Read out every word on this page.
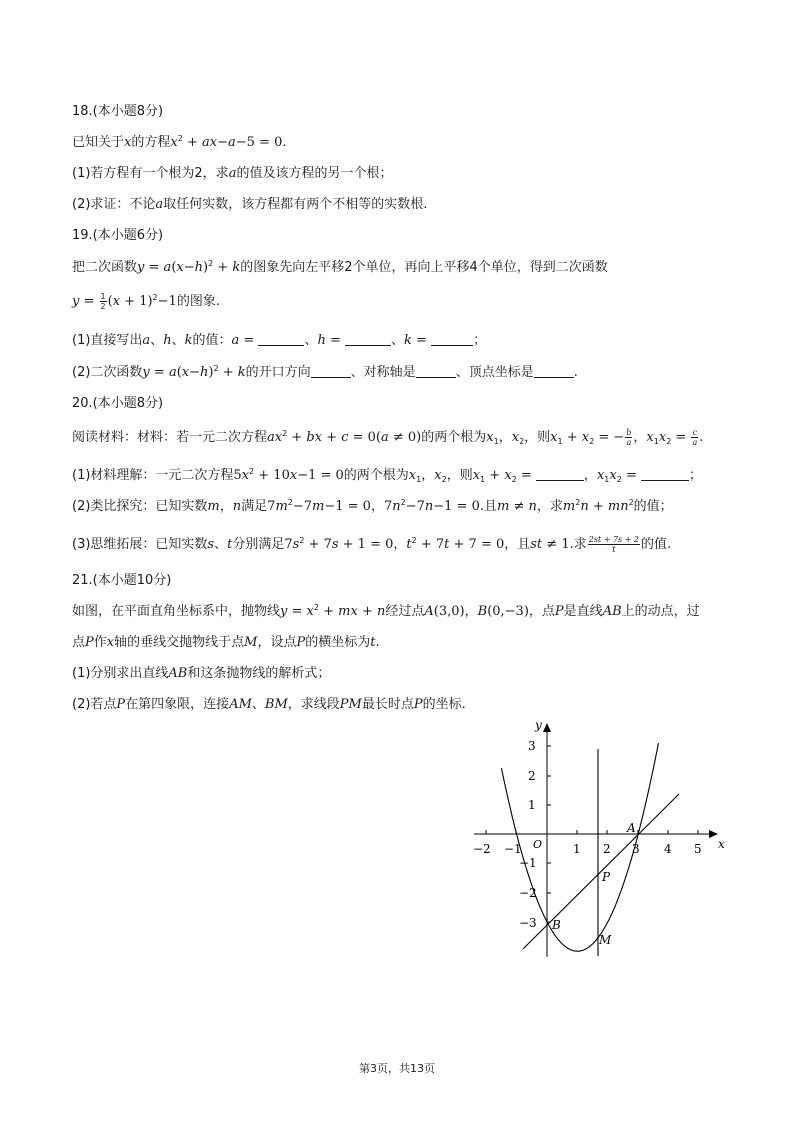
18.(本小题8分)
已知关于x的方程$x^2 + ax-a-5 = 0$.
(1)若方程有一个根为2，求a的值及该方程的另一个根；
(2)求证：不论a取任何实数，该方程都有两个不相等的实数根.
19.(本小题6分)
把二次函数$y = a(x-h)^2 + k$的图象先向左平移2个单位，再向上平移4个单位，得到二次函数
$y = \frac{1}{2} (x + 1)^2-1$的图象.
(1)直接写出a、h、k的值：a =	、h =	、k =	；
(2)二次函数$y = a(x-h)^2 + k$的开口方向	、对称轴是	、顶点坐标是	.
20.(本小题8分)
阅读材料：材料：若一元二次方程$ax^2$ + bx + c = 0(a ≠ 0)的两个根为$x_1$，$x_2$，则$x_1 + x_2$ = − $\frac{b}{a}$ ，$x_1x_2 = \frac{c}{a}$ .
(1)材料理解：一元二次方程$5x^2 + 10x-1 = 0$的两个根为$x_1$，$x_2$，则$x_1 + x_2$ =	，$x_1x_2$ =	；
(2)类比探究：已知实数m，n满足$7m^2-7m-1 = 0$，$7n^2-7n-1 = 0$.且m ≠ n，求$m^2n + mn^2$的值；
(3)思维拓展：已知实数s、t分别满足$7s^2 + 7s + 1 = 0$，$t^2 + 7t + 7 = 0$，且st ≠ 1.求 $\frac{2st + 7s + 2}{t}$ 的值.
21.(本小题10分)
如图，在平面直角坐标系中，抛物线$y = x^2$ + mx + n经过点A(3,0)，B(0,−3)，点P是直线AB上的动点，过
点P作x轴的垂线交抛物线于点M，设点P的横坐标为t.
(1)分别求出直线AB和这条抛物线的解析式；
(2)若点P在第四象限，连接AM、BM，求线段PM最长时点P的坐标.
x
y
O
−2 −1	1 2 3 4 5
3
2
1
−1
−2
−3
A
B
P
M
第3页，共13页
